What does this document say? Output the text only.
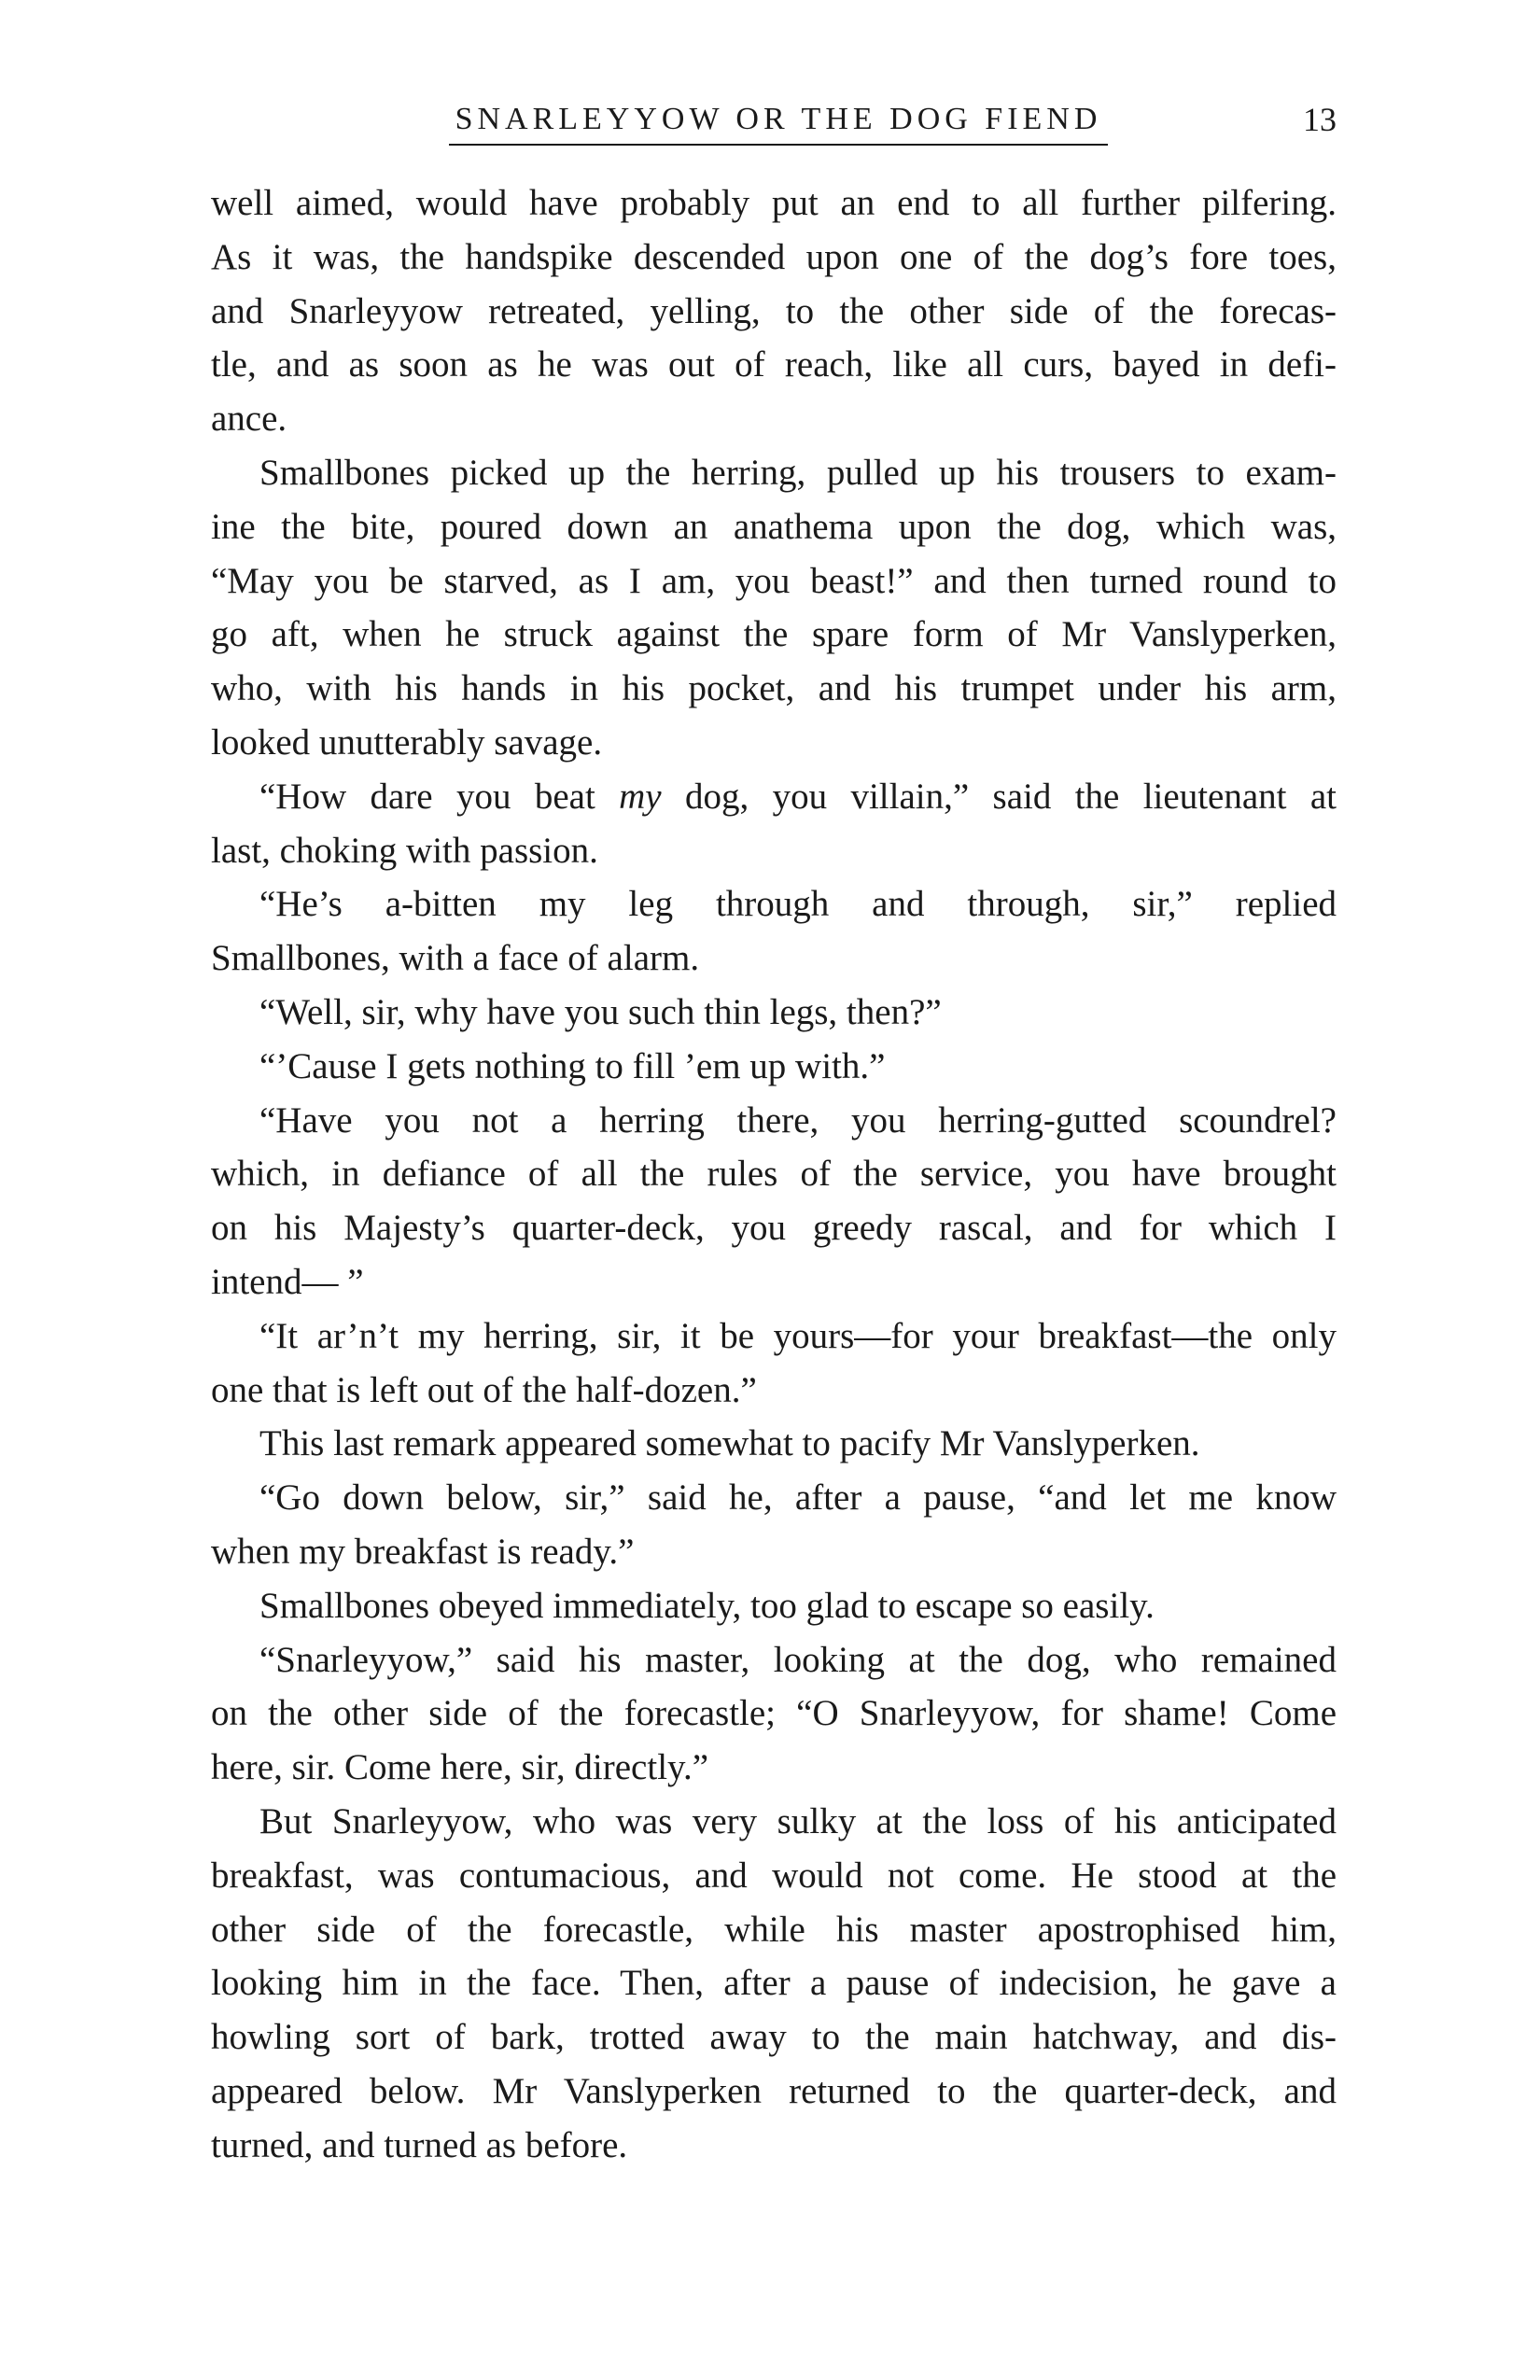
SNARLEYYOW OR THE DOG FIEND	13

well aimed, would have probably put an end to all further pilfering.
As it was, the handspike descended upon one of the dog’s fore toes,
and Snarleyyow retreated, yelling, to the other side of the forecas-
tle, and as soon as he was out of reach, like all curs, bayed in defi-
ance.

Smallbones picked up the herring, pulled up his trousers to exam-
ine the bite, poured down an anathema upon the dog, which was,
“May you be starved, as I am, you beast!” and then turned round to
go aft, when he struck against the spare form of Mr Vanslyperken,
who, with his hands in his pocket, and his trumpet under his arm,
looked unutterably savage.

“How dare you beat my dog, you villain,” said the lieutenant at
last, choking with passion.

“He’s a-bitten my leg through and through, sir,” replied
Smallbones, with a face of alarm.

“Well, sir, why have you such thin legs, then?”

“’Cause I gets nothing to fill ’em up with.”

“Have you not a herring there, you herring-gutted scoundrel?
which, in defiance of all the rules of the service, you have brought
on his Majesty’s quarter-deck, you greedy rascal, and for which I
intend— ”

“It ar’n’t my herring, sir, it be yours—for your breakfast—the only
one that is left out of the half-dozen.”

This last remark appeared somewhat to pacify Mr Vanslyperken.

“Go down below, sir,” said he, after a pause, “and let me know
when my breakfast is ready.”

Smallbones obeyed immediately, too glad to escape so easily.

“Snarleyyow,” said his master, looking at the dog, who remained
on the other side of the forecastle; “O Snarleyyow, for shame! Come
here, sir. Come here, sir, directly.”

But Snarleyyow, who was very sulky at the loss of his anticipated
breakfast, was contumacious, and would not come. He stood at the
other side of the forecastle, while his master apostrophised him,
looking him in the face. Then, after a pause of indecision, he gave a
howling sort of bark, trotted away to the main hatchway, and dis-
appeared below. Mr Vanslyperken returned to the quarter-deck, and
turned, and turned as before.
